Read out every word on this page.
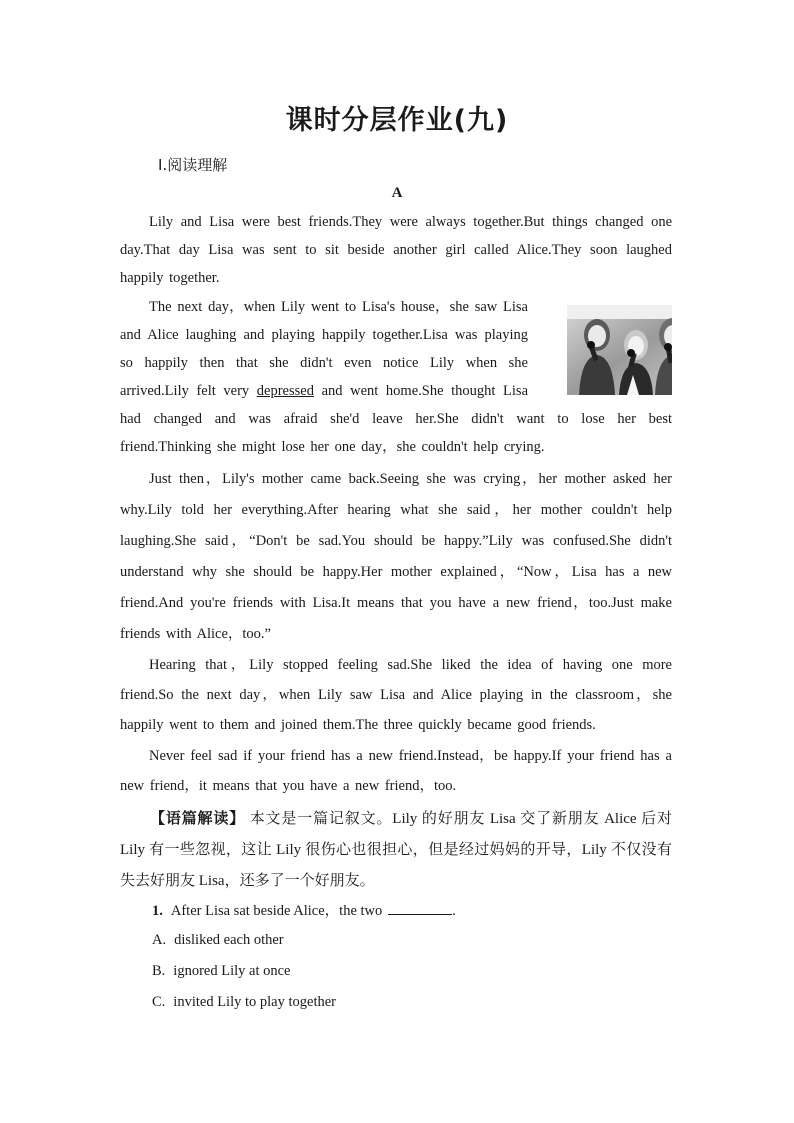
课时分层作业(九)
Ⅰ.阅读理解
A

Lily and Lisa were best friends.They were always together.But things changed one day.That day Lisa was sent to sit beside another girl called Alice.They soon laughed happily together.

The next day，when Lily went to Lisa's house，she saw Lisa and Alice laughing and playing happily together.Lisa was playing so happily then that she didn't even notice Lily when she arrived.Lily felt very depressed and went home.She thought Lisa had changed and was afraid she'd leave her.She didn't want to lose her best friend.Thinking she might lose her one day，she couldn't help crying.

Just then，Lily's mother came back.Seeing she was crying，her mother asked her why.Lily told her everything.After hearing what she said，her mother couldn't help laughing.She said，“Don't be sad.You should be happy.”Lily was confused.She didn't understand why she should be happy.Her mother explained，“Now，Lisa has a new friend.And you're friends with Lisa.It means that you have a new friend，too.Just make friends with Alice，too.”

Hearing that，Lily stopped feeling sad.She liked the idea of having one more friend.So the next day，when Lily saw Lisa and Alice playing in the classroom，she happily went to them and joined them.The three quickly became good friends.

Never feel sad if your friend has a new friend.Instead，be happy.If your friend has a new friend，it means that you have a new friend，too.

【语篇解读】 本文是一篇记叙文。Lily 的好朋友 Lisa 交了新朋友 Alice 后对 Lily 有一些忽视，这让 Lily 很伤心也很担心，但是经过妈妈的开导，Lily 不仅没有失去好朋友 Lisa，还多了一个好朋友。

1. After Lisa sat beside Alice，the two	.
A. disliked each other
B. ignored Lily at once
C. invited Lily to play together
